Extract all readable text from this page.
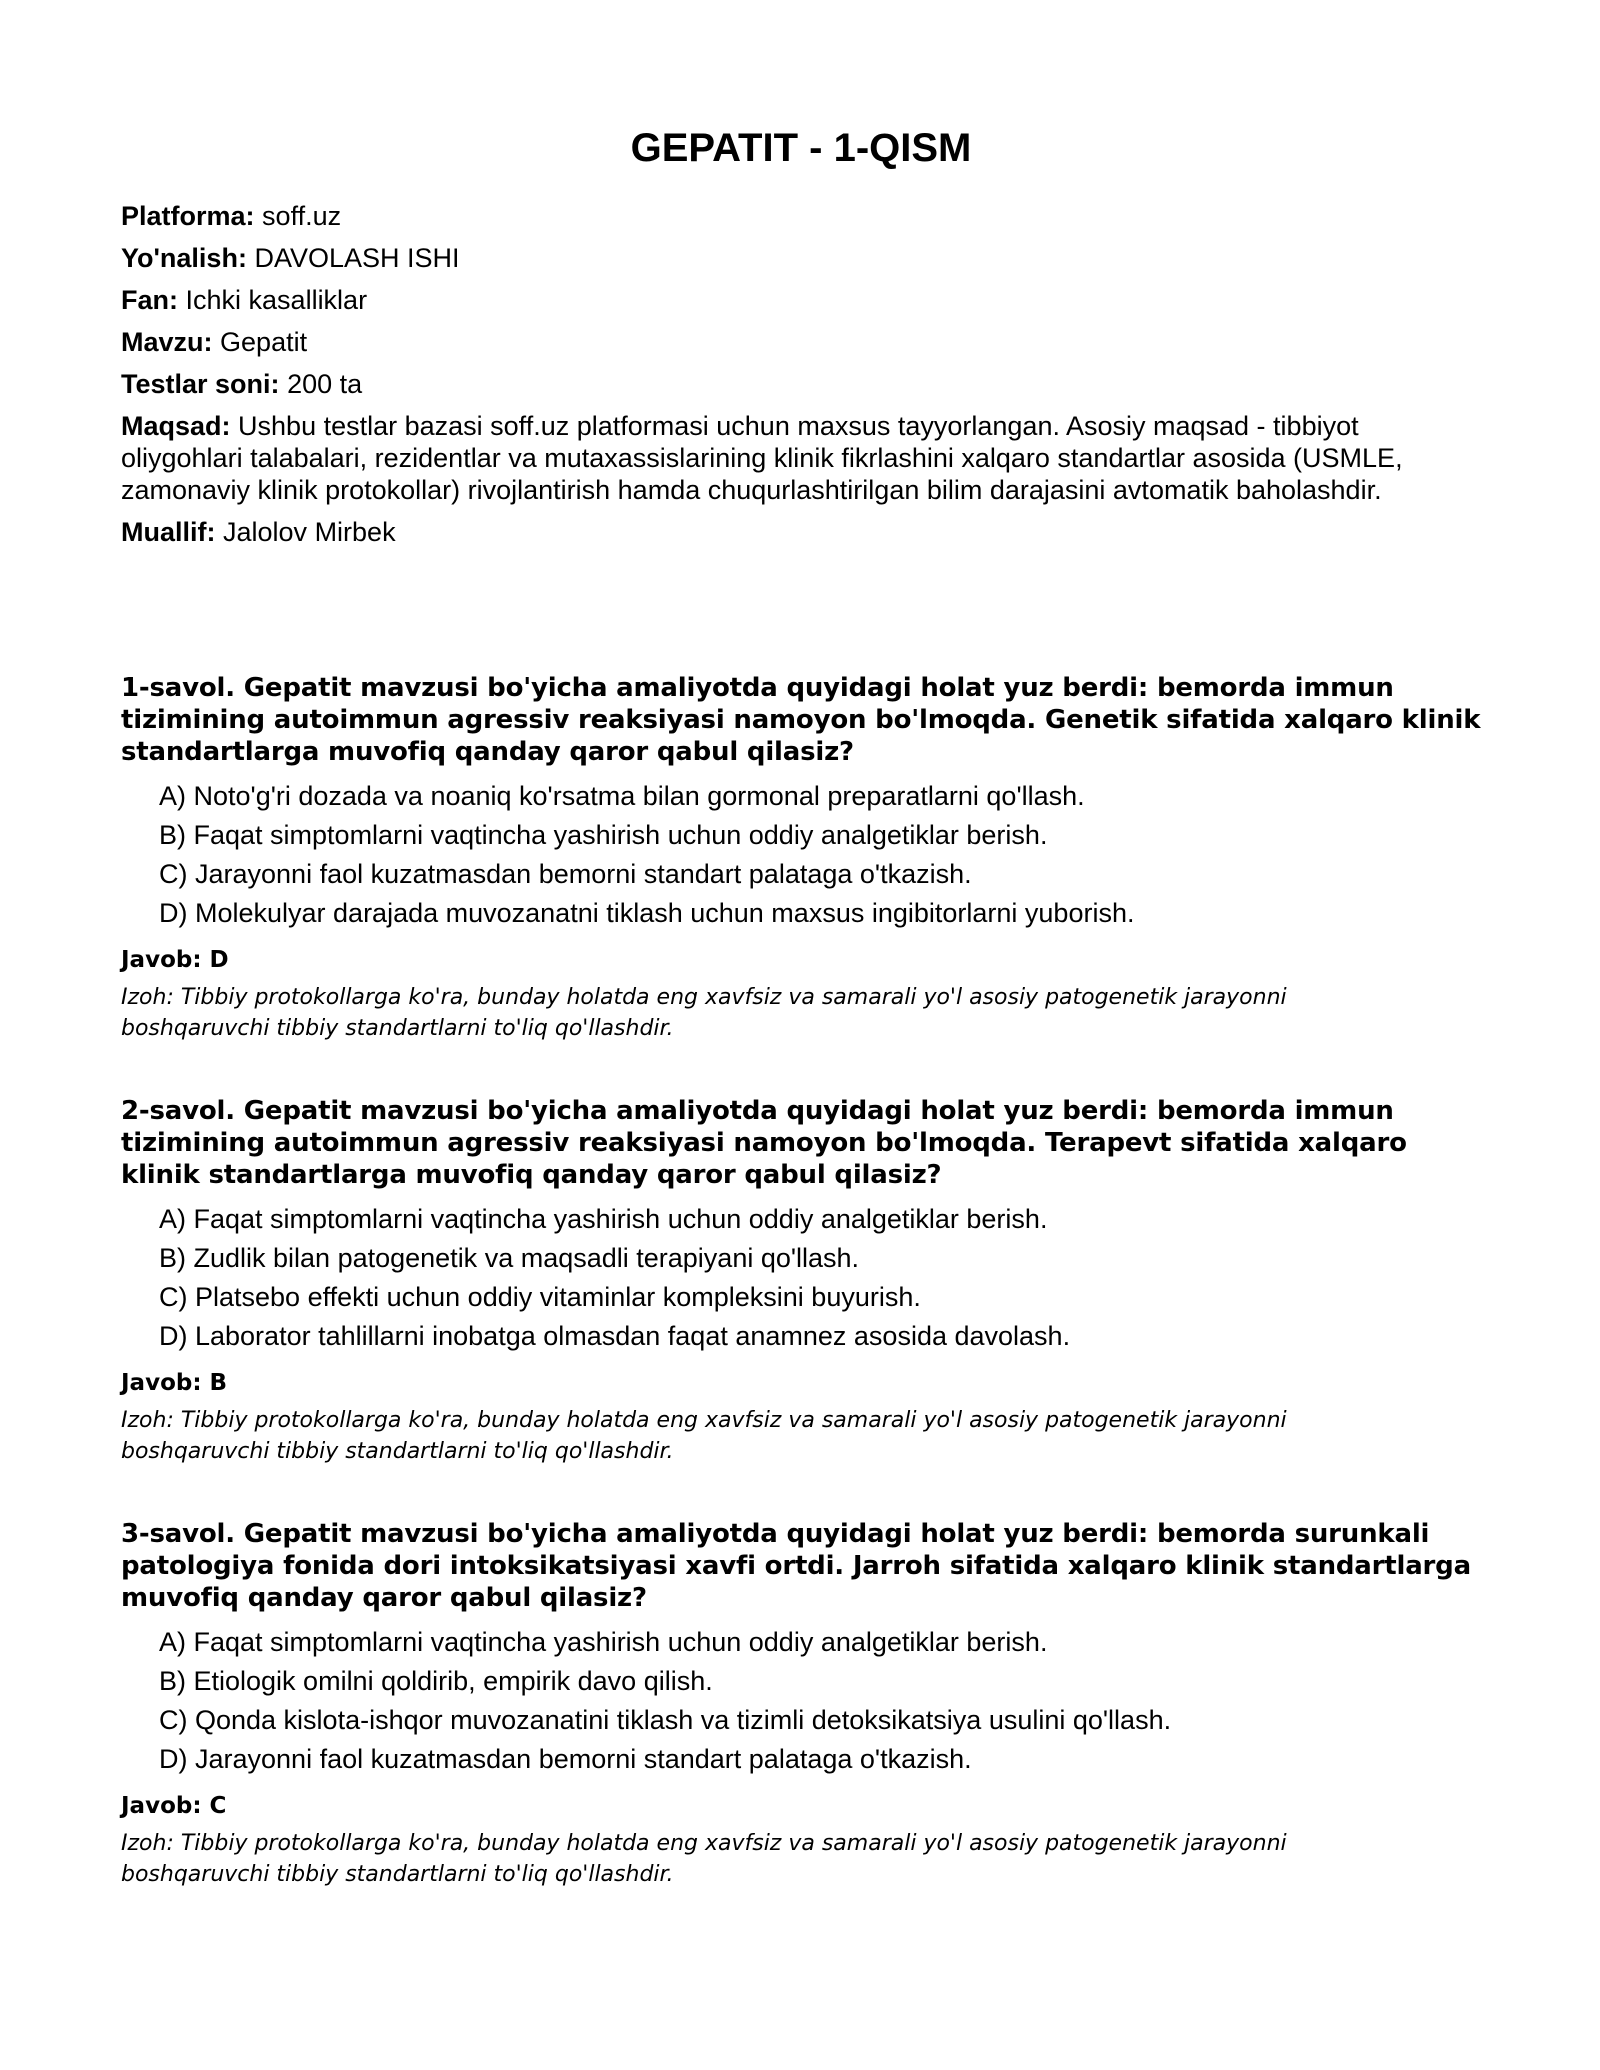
GEPATIT - 1-QISM

Platforma: soff.uz

Yo'nalish: DAVOLASH ISHI

Fan: Ichki kasalliklar

Mavzu: Gepatit

Testlar soni: 200 ta

Maqsad: Ushbu testlar bazasi soff.uz platformasi uchun maxsus tayyorlangan. Asosiy maqsad - tibbiyot oliygohlari talabalari, rezidentlar va mutaxassislarining klinik fikrlashini xalqaro standartlar asosida (USMLE, zamonaviy klinik protokollar) rivojlantirish hamda chuqurlashtirilgan bilim darajasini avtomatik baholashdir.

Muallif: Jalolov Mirbek

1-savol. Gepatit mavzusi bo'yicha amaliyotda quyidagi holat yuz berdi: bemorda immun tizimining autoimmun agressiv reaksiyasi namoyon bo'lmoqda. Genetik sifatida xalqaro klinik standartlarga muvofiq qanday qaror qabul qilasiz?

A) Noto'g'ri dozada va noaniq ko'rsatma bilan gormonal preparatlarni qo'llash.
B) Faqat simptomlarni vaqtincha yashirish uchun oddiy analgetiklar berish.
C) Jarayonni faol kuzatmasdan bemorni standart palataga o'tkazish.
D) Molekulyar darajada muvozanatni tiklash uchun maxsus ingibitorlarni yuborish.

Javob: D

Izoh: Tibbiy protokollarga ko'ra, bunday holatda eng xavfsiz va samarali yo'l asosiy patogenetik jarayonni boshqaruvchi tibbiy standartlarni to'liq qo'llashdir.

2-savol. Gepatit mavzusi bo'yicha amaliyotda quyidagi holat yuz berdi: bemorda immun tizimining autoimmun agressiv reaksiyasi namoyon bo'lmoqda. Terapevt sifatida xalqaro klinik standartlarga muvofiq qanday qaror qabul qilasiz?

A) Faqat simptomlarni vaqtincha yashirish uchun oddiy analgetiklar berish.
B) Zudlik bilan patogenetik va maqsadli terapiyani qo'llash.
C) Platsebo effekti uchun oddiy vitaminlar kompleksini buyurish.
D) Laborator tahlillarni inobatga olmasdan faqat anamnez asosida davolash.

Javob: B

Izoh: Tibbiy protokollarga ko'ra, bunday holatda eng xavfsiz va samarali yo'l asosiy patogenetik jarayonni boshqaruvchi tibbiy standartlarni to'liq qo'llashdir.

3-savol. Gepatit mavzusi bo'yicha amaliyotda quyidagi holat yuz berdi: bemorda surunkali patologiya fonida dori intoksikatsiyasi xavfi ortdi. Jarroh sifatida xalqaro klinik standartlarga muvofiq qanday qaror qabul qilasiz?

A) Faqat simptomlarni vaqtincha yashirish uchun oddiy analgetiklar berish.
B) Etiologik omilni qoldirib, empirik davo qilish.
C) Qonda kislota-ishqor muvozanatini tiklash va tizimli detoksikatsiya usulini qo'llash.
D) Jarayonni faol kuzatmasdan bemorni standart palataga o'tkazish.

Javob: C

Izoh: Tibbiy protokollarga ko'ra, bunday holatda eng xavfsiz va samarali yo'l asosiy patogenetik jarayonni boshqaruvchi tibbiy standartlarni to'liq qo'llashdir.
